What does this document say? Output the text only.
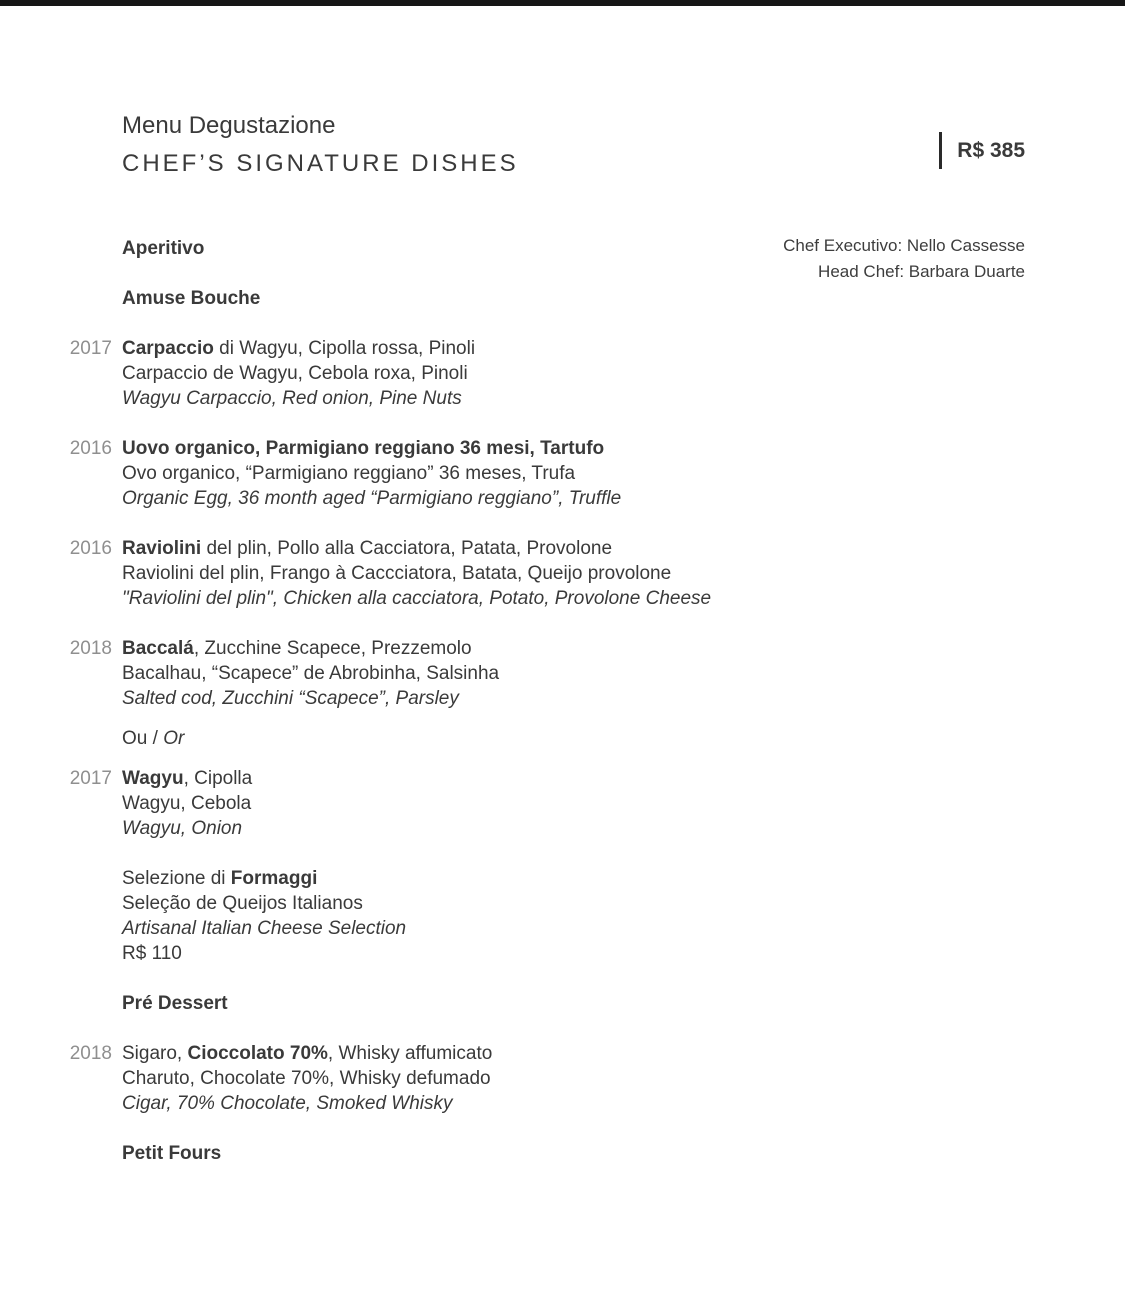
Menu Degustazione
CHEF’S SIGNATURE DISHES	R$ 385
Chef Executivo: Nello Cassesse
Head Chef: Barbara Duarte
Aperitivo
Amuse Bouche
2017 Carpaccio di Wagyu, Cipolla rossa, Pinoli
Carpaccio de Wagyu, Cebola roxa, Pinoli
Wagyu Carpaccio, Red onion, Pine Nuts
2016 Uovo organico, Parmigiano reggiano 36 mesi, Tartufo
Ovo organico, “Parmigiano reggiano” 36 meses, Trufa
Organic Egg, 36 month aged “Parmigiano reggiano”, Truffle
2016 Raviolini del plin, Pollo alla Cacciatora, Patata, Provolone
Raviolini del plin, Frango à Caccciatora, Batata, Queijo provolone
"Raviolini del plin", Chicken alla cacciatora, Potato, Provolone Cheese
2018 Baccalá, Zucchine Scapece, Prezzemolo
Bacalhau, “Scapece” de Abrobinha, Salsinha
Salted cod, Zucchini “Scapece”, Parsley
Ou / Or
2017 Wagyu, Cipolla
Wagyu, Cebola
Wagyu, Onion
Selezione di Formaggi
Seleção de Queijos Italianos
Artisanal Italian Cheese Selection
R$ 110
Pré Dessert
2018 Sigaro, Cioccolato 70%, Whisky affumicato
Charuto, Chocolate 70%, Whisky defumado
Cigar, 70% Chocolate, Smoked Whisky
Petit Fours
